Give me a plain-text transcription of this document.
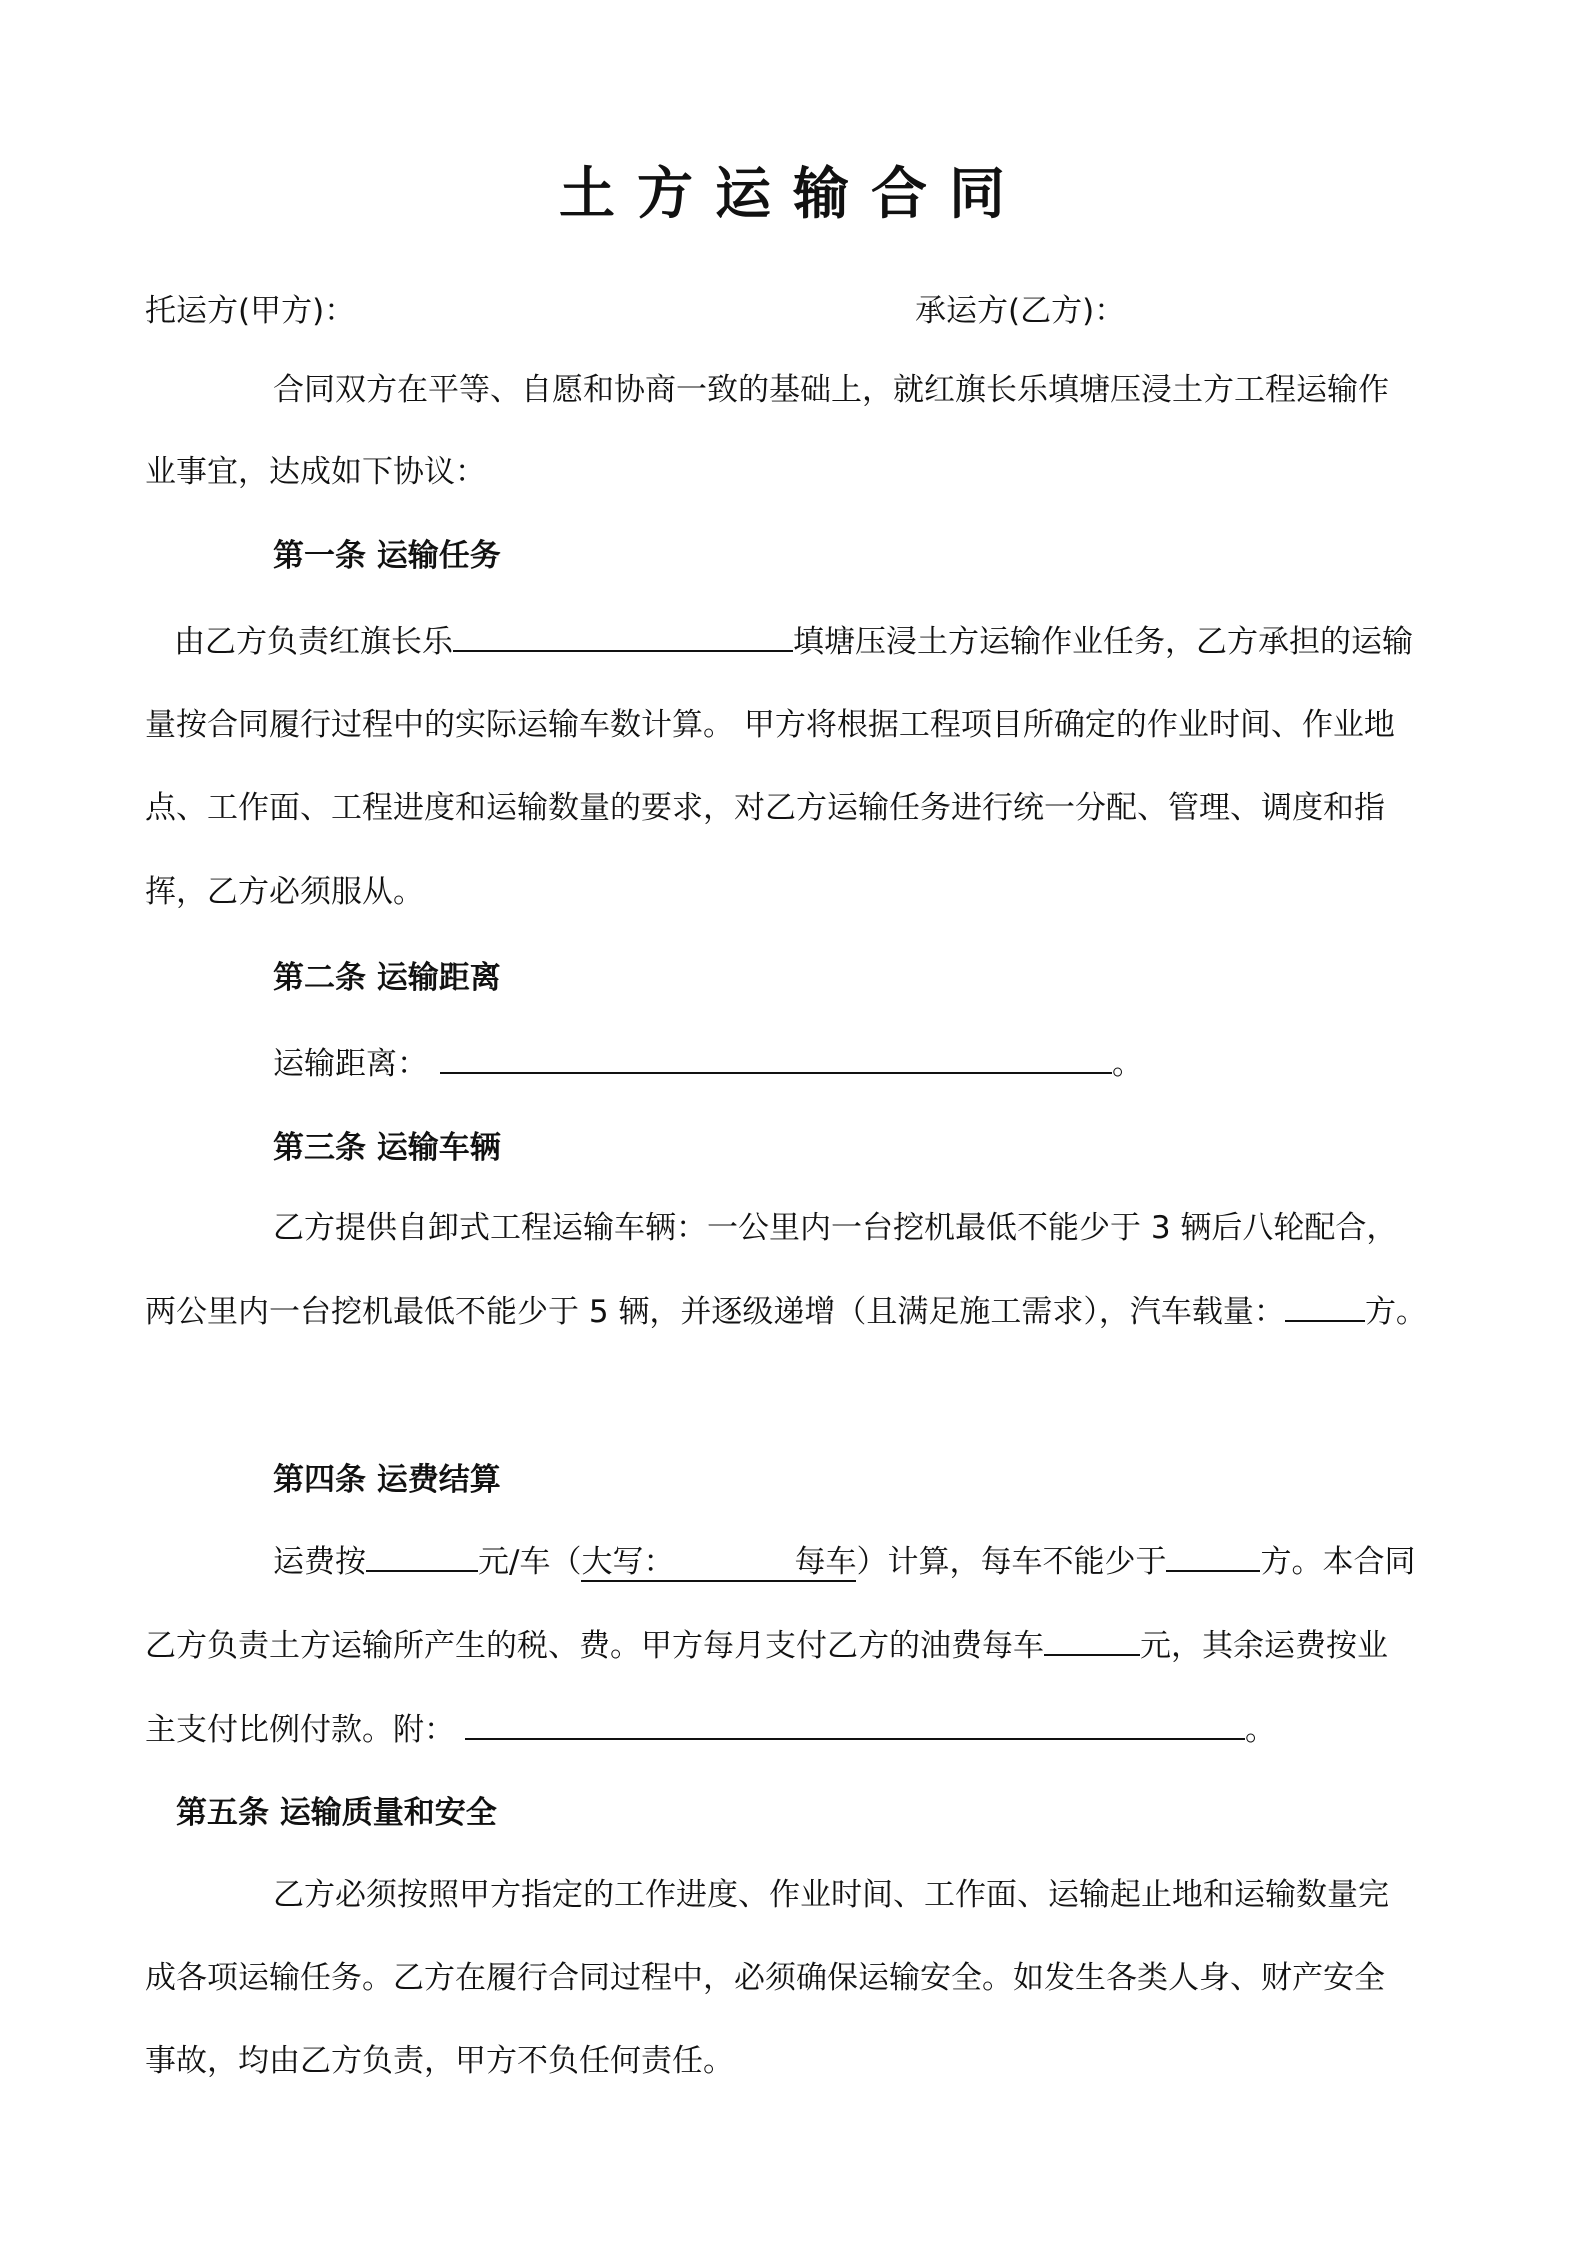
土方运输合同
托运方(甲方)：	承运方(乙方)：
合同双方在平等、自愿和协商一致的基础上，就红旗长乐填塘压浸土方工程运输作
业事宜，达成如下协议：
第一条 运输任务
由乙方负责红旗长乐	填塘压浸土方运输作业任务，乙方承担的运输
量按合同履行过程中的实际运输车数计算。 甲方将根据工程项目所确定的作业时间、作业地
点、工作面、工程进度和运输数量的要求，对乙方运输任务进行统一分配、管理、调度和指
挥，乙方必须服从。
第二条 运输距离
运输距离：	。
第三条 运输车辆
乙方提供自卸式工程运输车辆：一公里内一台挖机最低不能少于 3 辆后八轮配合，
两公里内一台挖机最低不能少于 5 辆，并逐级递增（且满足施工需求），汽车载量：	方。
第四条 运费结算
运费按	元/车（大写：	每车）计算，每车不能少于	方。本合同
乙方负责土方运输所产生的税、费。甲方每月支付乙方的油费每车	元，其余运费按业
主支付比例付款。附：	。
第五条 运输质量和安全
乙方必须按照甲方指定的工作进度、作业时间、工作面、运输起止地和运输数量完
成各项运输任务。乙方在履行合同过程中，必须确保运输安全。如发生各类人身、财产安全
事故，均由乙方负责，甲方不负任何责任。
